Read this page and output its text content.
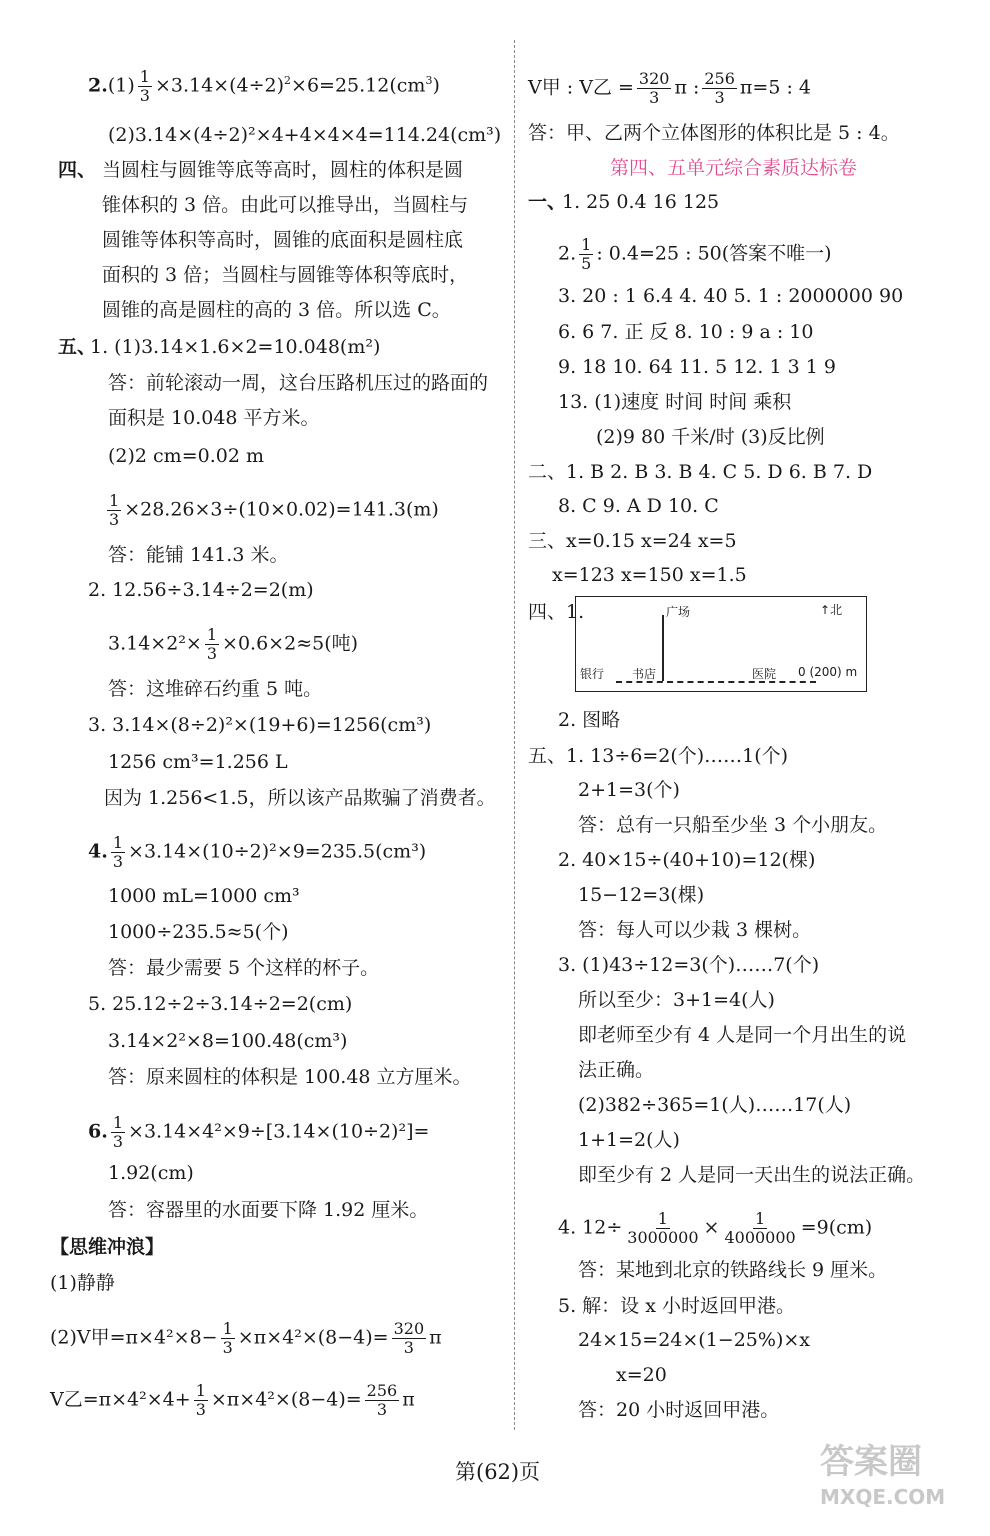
$2.(1) \frac{1}{3} \times 3.14\times(4\div 2)^2\times 6=25.12(cm^3)$
(2)3.14×(4÷2)²×4+4×4×4=114.24(cm³)
四、 当圆柱与圆锥等底等高时，圆柱的体积是圆
锥体积的 3 倍。由此可以推导出，当圆柱与
圆锥等体积等高时，圆锥的底面积是圆柱底
面积的 3 倍；当圆柱与圆锥等体积等底时，
圆锥的高是圆柱的高的 3 倍。所以选 C。
五、
1. (1)3.14×1.6×2=10.048(m²)
答：前轮滚动一周，这台压路机压过的路面的
面积是 10.048 平方米。
(2)2 cm=0.02 m
$\frac{1}{3} \times 28.26\times 3\div(10\times 0.02)=141.3(m)$
答：能铺 141.3 米。
2. 12.56÷3.14÷2=2(m)
$3.14\times 2^2\times \frac{1}{3} \times 0.6\times 2\approx 5$(吨)
答：这堆碎石约重 5 吨。
3. 3.14×(8÷2)²×(19+6)=1256(cm³)
1256 cm³=1.256 L
因为 1.256<1.5，所以该产品欺骗了消费者。
4. $\frac{1}{3} \times 3.14\times(10\div 2)^2\times 9=235.5(cm^3)$
1000 mL=1000 cm³
1000÷235.5≈5(个)
答：最少需要 5 个这样的杯子。
5. 25.12÷2÷3.14÷2=2(cm)
3.14×2²×8=100.48(cm³)
答：原来圆柱的体积是 100.48 立方厘米。
6. $\frac{1}{3} \times 3.14\times 4^2\times 9\div[3.14\times(10\div 2)^2]=$
1.92(cm)
答：容器里的水面要下降 1.92 厘米。
【思维冲浪】
(1)静静
(2)V甲$=\pi\times 4^2\times 8- \frac{1}{3} \times\pi\times 4^2\times(8-4)= \frac{320}{3}$ π
V乙$=\pi\times 4^2\times 4+ \frac{1}{3} \times\pi\times 4^2\times(8-4)= \frac{256}{3}$ π
V甲 : V乙 = $\frac{320}{3}$ π : $\frac{256}{3} \pi=5$ : 4
答：甲、乙两个立体图形的体积比是 5 : 4。
第四、五单元综合素质达标卷
一、
1. 25 0.4 16 125
2. $\frac{1}{5}$ : 0.4=25 : 50(答案不唯一)
3. 20 : 1 6.4 4. 40 5. 1 : 2000000 90
6. 6 7. 正 反 8. 10 : 9 a : 10
9. 18 10. 64 11. 5 12. 1 3 1 9
13. (1)速度 时间 时间 乘积
(2)9 80 千米/时 (3)反比例
二、1. B 2. B 3. B 4. C 5. D 6. B 7. D
8. C 9. A D 10. C
三、x=0.15 x=24 x=5
x=123 x=150 x=1.5
四、1.	广场	↑北
银行 书店	医院 0 (200) m
2. 图略
五、1. 13÷6=2(个)……1(个)
2+1=3(个)
答：总有一只船至少坐 3 个小朋友。
2. 40×15÷(40+10)=12(棵)
15−12=3(棵)
答：每人可以少栽 3 棵树。
3. (1)43÷12=3(个)……7(个)
所以至少：3+1=4(人)
即老师至少有 4 人是同一个月出生的说
法正确。
(2)382÷365=1(人)……17(人)
1+1=2(人)
即至少有 2 人是同一天出生的说法正确。
4. $12\div \frac{1}{3000000} \times \frac{1}{4000000} =9(cm)$
答：某地到北京的铁路线长 9 厘米。
5. 解：设 x 小时返回甲港。
24×15=24×(1−25%)×x
x=20
答：20 小时返回甲港。
第(62)页	答案圈
MXQE.COM
